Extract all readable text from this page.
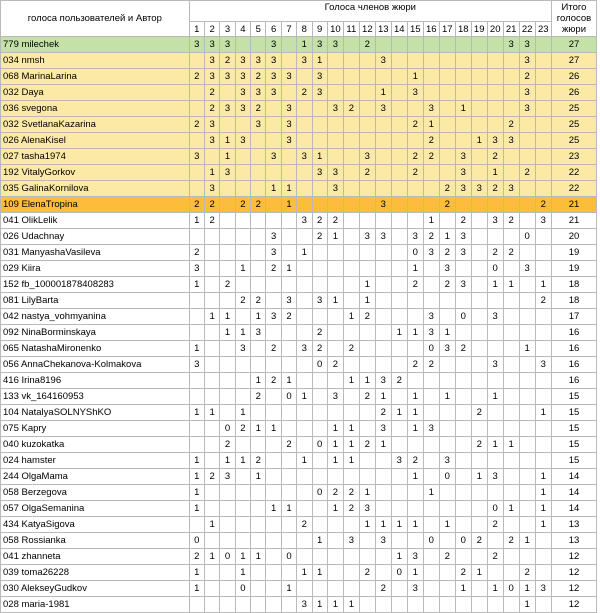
голоса пользователей и Автор	Голоса членов жюри																							Итого голосов жюри
	1	2	3	4	5	6	7	8	9	10	11	12	13	14	15	16	17	18	19	20	21	22	23	
779 milechek	3	3	3			3		1	3	3		2									3	3		27
034 nmsh		3	2	3	3	3		3	1				3									3		27
068 MarinaLarina	2	3	3	3	2	3	3		3						1							2		26
032 Daya		2		3	3	3		2	3				1		3							3		26
036 svegona		2	3	3	2		3			3	2		3			3		1				3		25
032 SvetlanaKazarina	2	3			3		3								2	1					2			25
026 AlenaKisel		3	1	3			3									2			1	3	3			25
027 tasha1974	3		1			3		3	1			3			2	2		3		2				23
192 VitalyGorkov		1	3						3	3		2			2			3		1		2		22
035 GalinaKornilova		3				1	1			3							2	3	3	2	3			22
109 ElenaTropina	2	2		2	2		1						3				2						2	21
041 OlikLelik	1	2						3	2	2						1		2		3	2		3	21
026 Udachnay						3			2	1		3	3		3	2	1	3				0		20
031 ManyashaVasileva	2					3		1							0	3	2	3		2	2			19
029 Kiira	3			1		2	1								1		3			0		3		19
152 fb_100001878408283	1		2									1			2		2	3		1	1		1	18
081 LilyBarta				2	2		3		3	1		1											2	18
042 nastya_vohmyanina		1	1		1	3	2				1	2				3		0		3				17
092 NinaBorminskaya			1	1	3				2					1	1	3	1							16
065 NatashaMironenko	1			3		2		3	2		2					0	3	2				1		16
056 AnnaChekanova-Kolmakova	3								0	2					2	2				3			3	16
416 Irina8196					1	2	1				1	1	3	2										16
133 vk_164160953					2		0	1		3		2	1		1		1			1				15
104 NatalyaSOLNYShKO	1	1		1									2	1	1				2				1	15
075 Kapry			0	2	1	1				1	1		3		1	3								15
040 kuzokatka			2				2		0	1	1	2	1						2	1	1			15
024 hamster	1		1	1	2			1		1	1			3	2		3							15
244 OlgaMama	1	2	3		1										1		0		1	3			1	14
058 Berzegova	1								0	2	2	1				1							1	14
057 OlgaSemanina	1					1	1			1	2	3								0	1		1	14
434 KatyaSigova		1						2				1	1	1	1		1			2			1	13
058 Rossianka	0								1		3		3			0		0	2		2	1		13
041 zhanneta	2	1	0	1	1		0							1	3		2			2				12
039 toma26228	1			1				1	1			2		0	1			2	1			2		12
030 AlekseyGudkov	1			0			1						2		3			1		1	0	1	3	12
028 maria-1981								3	1	1	1											1		12
